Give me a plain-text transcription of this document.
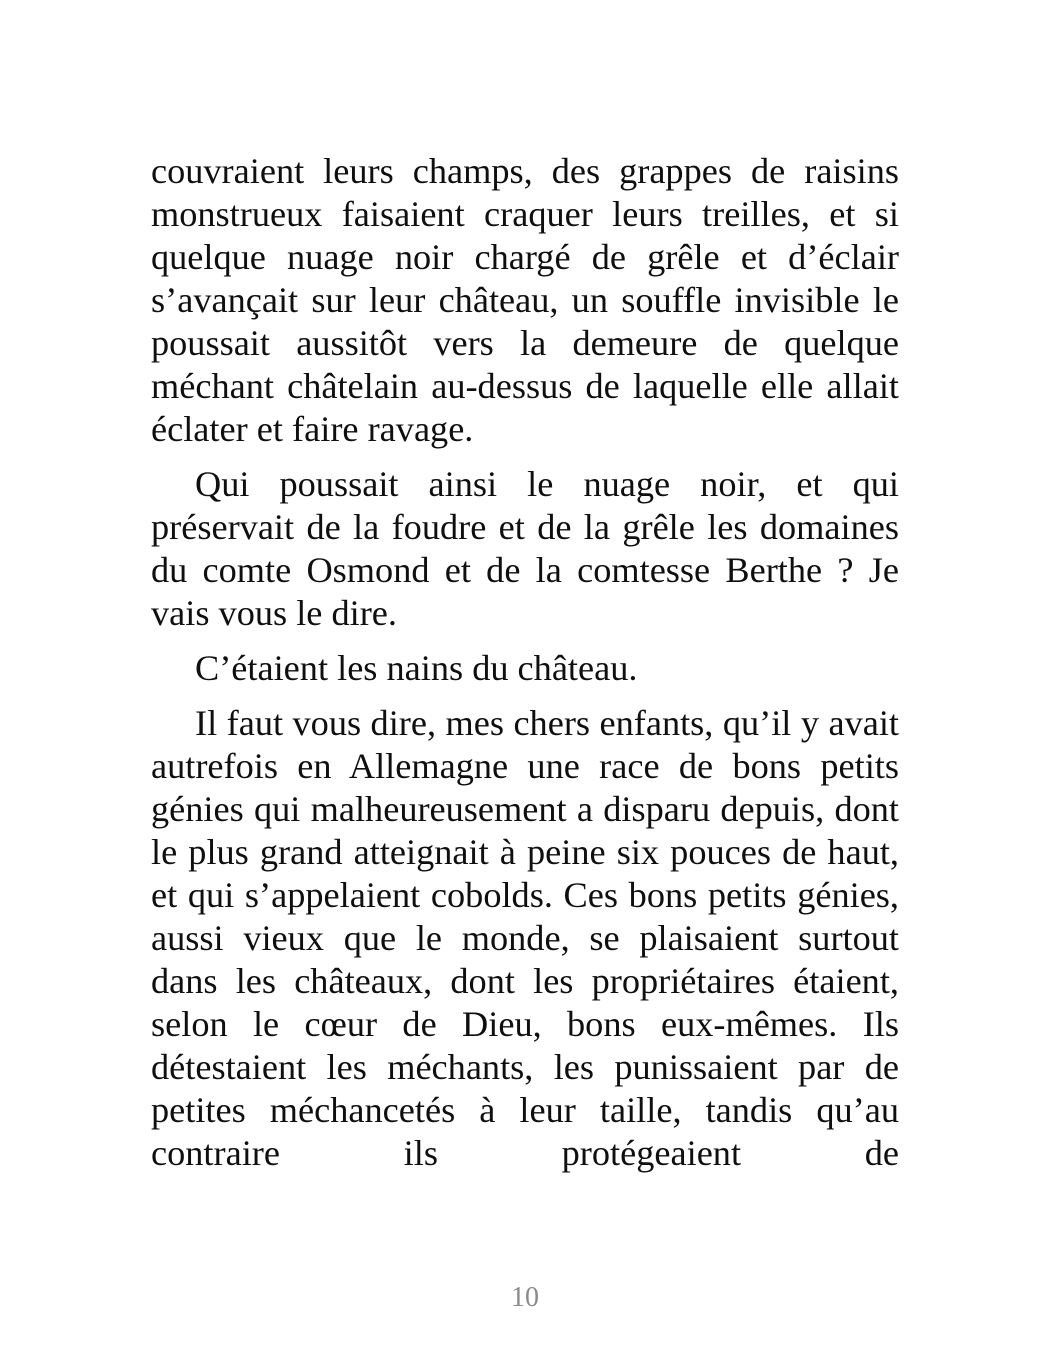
couvraient leurs champs, des grappes de raisins monstrueux faisaient craquer leurs treilles, et si quelque nuage noir chargé de grêle et d’éclair s’avançait sur leur château, un souffle invisible le poussait aussitôt vers la demeure de quelque méchant châtelain au-dessus de laquelle elle allait éclater et faire ravage.

Qui poussait ainsi le nuage noir, et qui préservait de la foudre et de la grêle les domaines du comte Osmond et de la comtesse Berthe ? Je vais vous le dire.

C’étaient les nains du château.

Il faut vous dire, mes chers enfants, qu’il y avait autrefois en Allemagne une race de bons petits génies qui malheureusement a disparu depuis, dont le plus grand atteignait à peine six pouces de haut, et qui s’appelaient cobolds. Ces bons petits génies, aussi vieux que le monde, se plaisaient surtout dans les châteaux, dont les propriétaires étaient, selon le cœur de Dieu, bons eux-mêmes. Ils détestaient les méchants, les punissaient par de petites méchancetés à leur taille, tandis qu’au contraire ils protégeaient de

10
